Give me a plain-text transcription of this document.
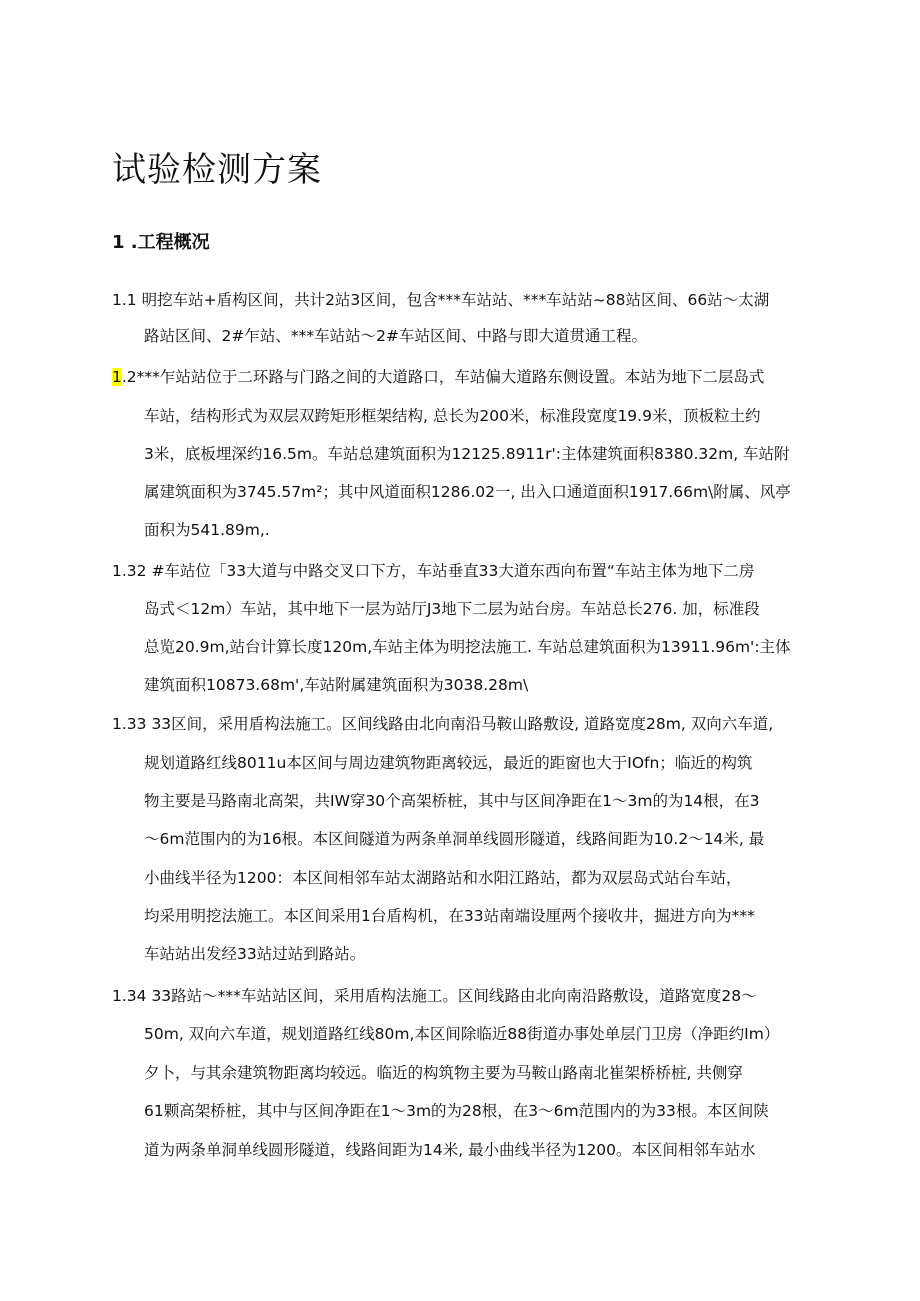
试验检测方案
1 .工程概况
1.1 明挖车站+盾构区间，共计2站3区间，包含***车站站、***车站站~88站区间、66站～太湖
路站区间、2#乍站、***车站站～2#车站区间、中路与即大道贯通工程。
1.2***乍站站位于二环路与门路之间的大道路口，车站偏大道路东侧设置。本站为地下二层岛式
车站，结构形式为双层双跨矩形框架结构, 总长为200米，标准段宽度19.9米，顶板粒土约
3米，底板埋深约16.5m。车站总建筑面积为12125.8911r':主体建筑面积8380.32m, 车站附
属建筑面积为3745.57m²；其中风道面积1286.02一, 出入口通道面积1917.66m\附属、风亭
面积为541.89m,.
1.32 #车站位「33大道与中路交叉口下方，车站垂直33大道东西向布置“车站主体为地下二房
岛式＜12m）车站，其中地下一层为站厅J3地下二层为站台房。车站总长276. 加，标准段
总览20.9m,站台计算长度120m,车站主体为明挖法施工. 车站总建筑面积为13911.96m':主体
建筑面积10873.68m',车站附属建筑面积为3038.28m\
1.33 33区间，采用盾构法施工。区间线路由北向南沿马鞍山路敷设, 道路宽度28m, 双向六车道,
规划道路红线8011u本区间与周边建筑物距离较远，最近的距窗也大于IOfn；临近的构筑
物主要是马路南北高架，共IW穿30个高架桥桩，其中与区间净距在1～3m的为14根，在3
～6m范围内的为16根。本区间隧道为两条单洞单线圆形隧道，线路间距为10.2～14米, 最
小曲线半径为1200：本区间相邻车站太湖路站和水阳江路站，都为双层岛式站台车站，
均采用明挖法施工。本区间采用1台盾构机，在33站南端设厘两个接收井，掘进方向为***
车站站出发经33站过站到路站。
1.34 33路站～***车站站区间，采用盾构法施工。区间线路由北向南沿路敷设，道路宽度28～
50m, 双向六车道，规划道路红线80m,本区间除临近88街道办事处单层门卫房（净距约Im）
夕卜，与其余建筑物距离均较远。临近的构筑物主要为马鞍山路南北崔架桥桥桩, 共侧穿
61颗高架桥桩，其中与区间净距在1～3m的为28根，在3～6m范围内的为33根。本区间陕
道为两条单洞单线圆形隧道，线路间距为14米, 最小曲线半径为1200。本区间相邻车站水
